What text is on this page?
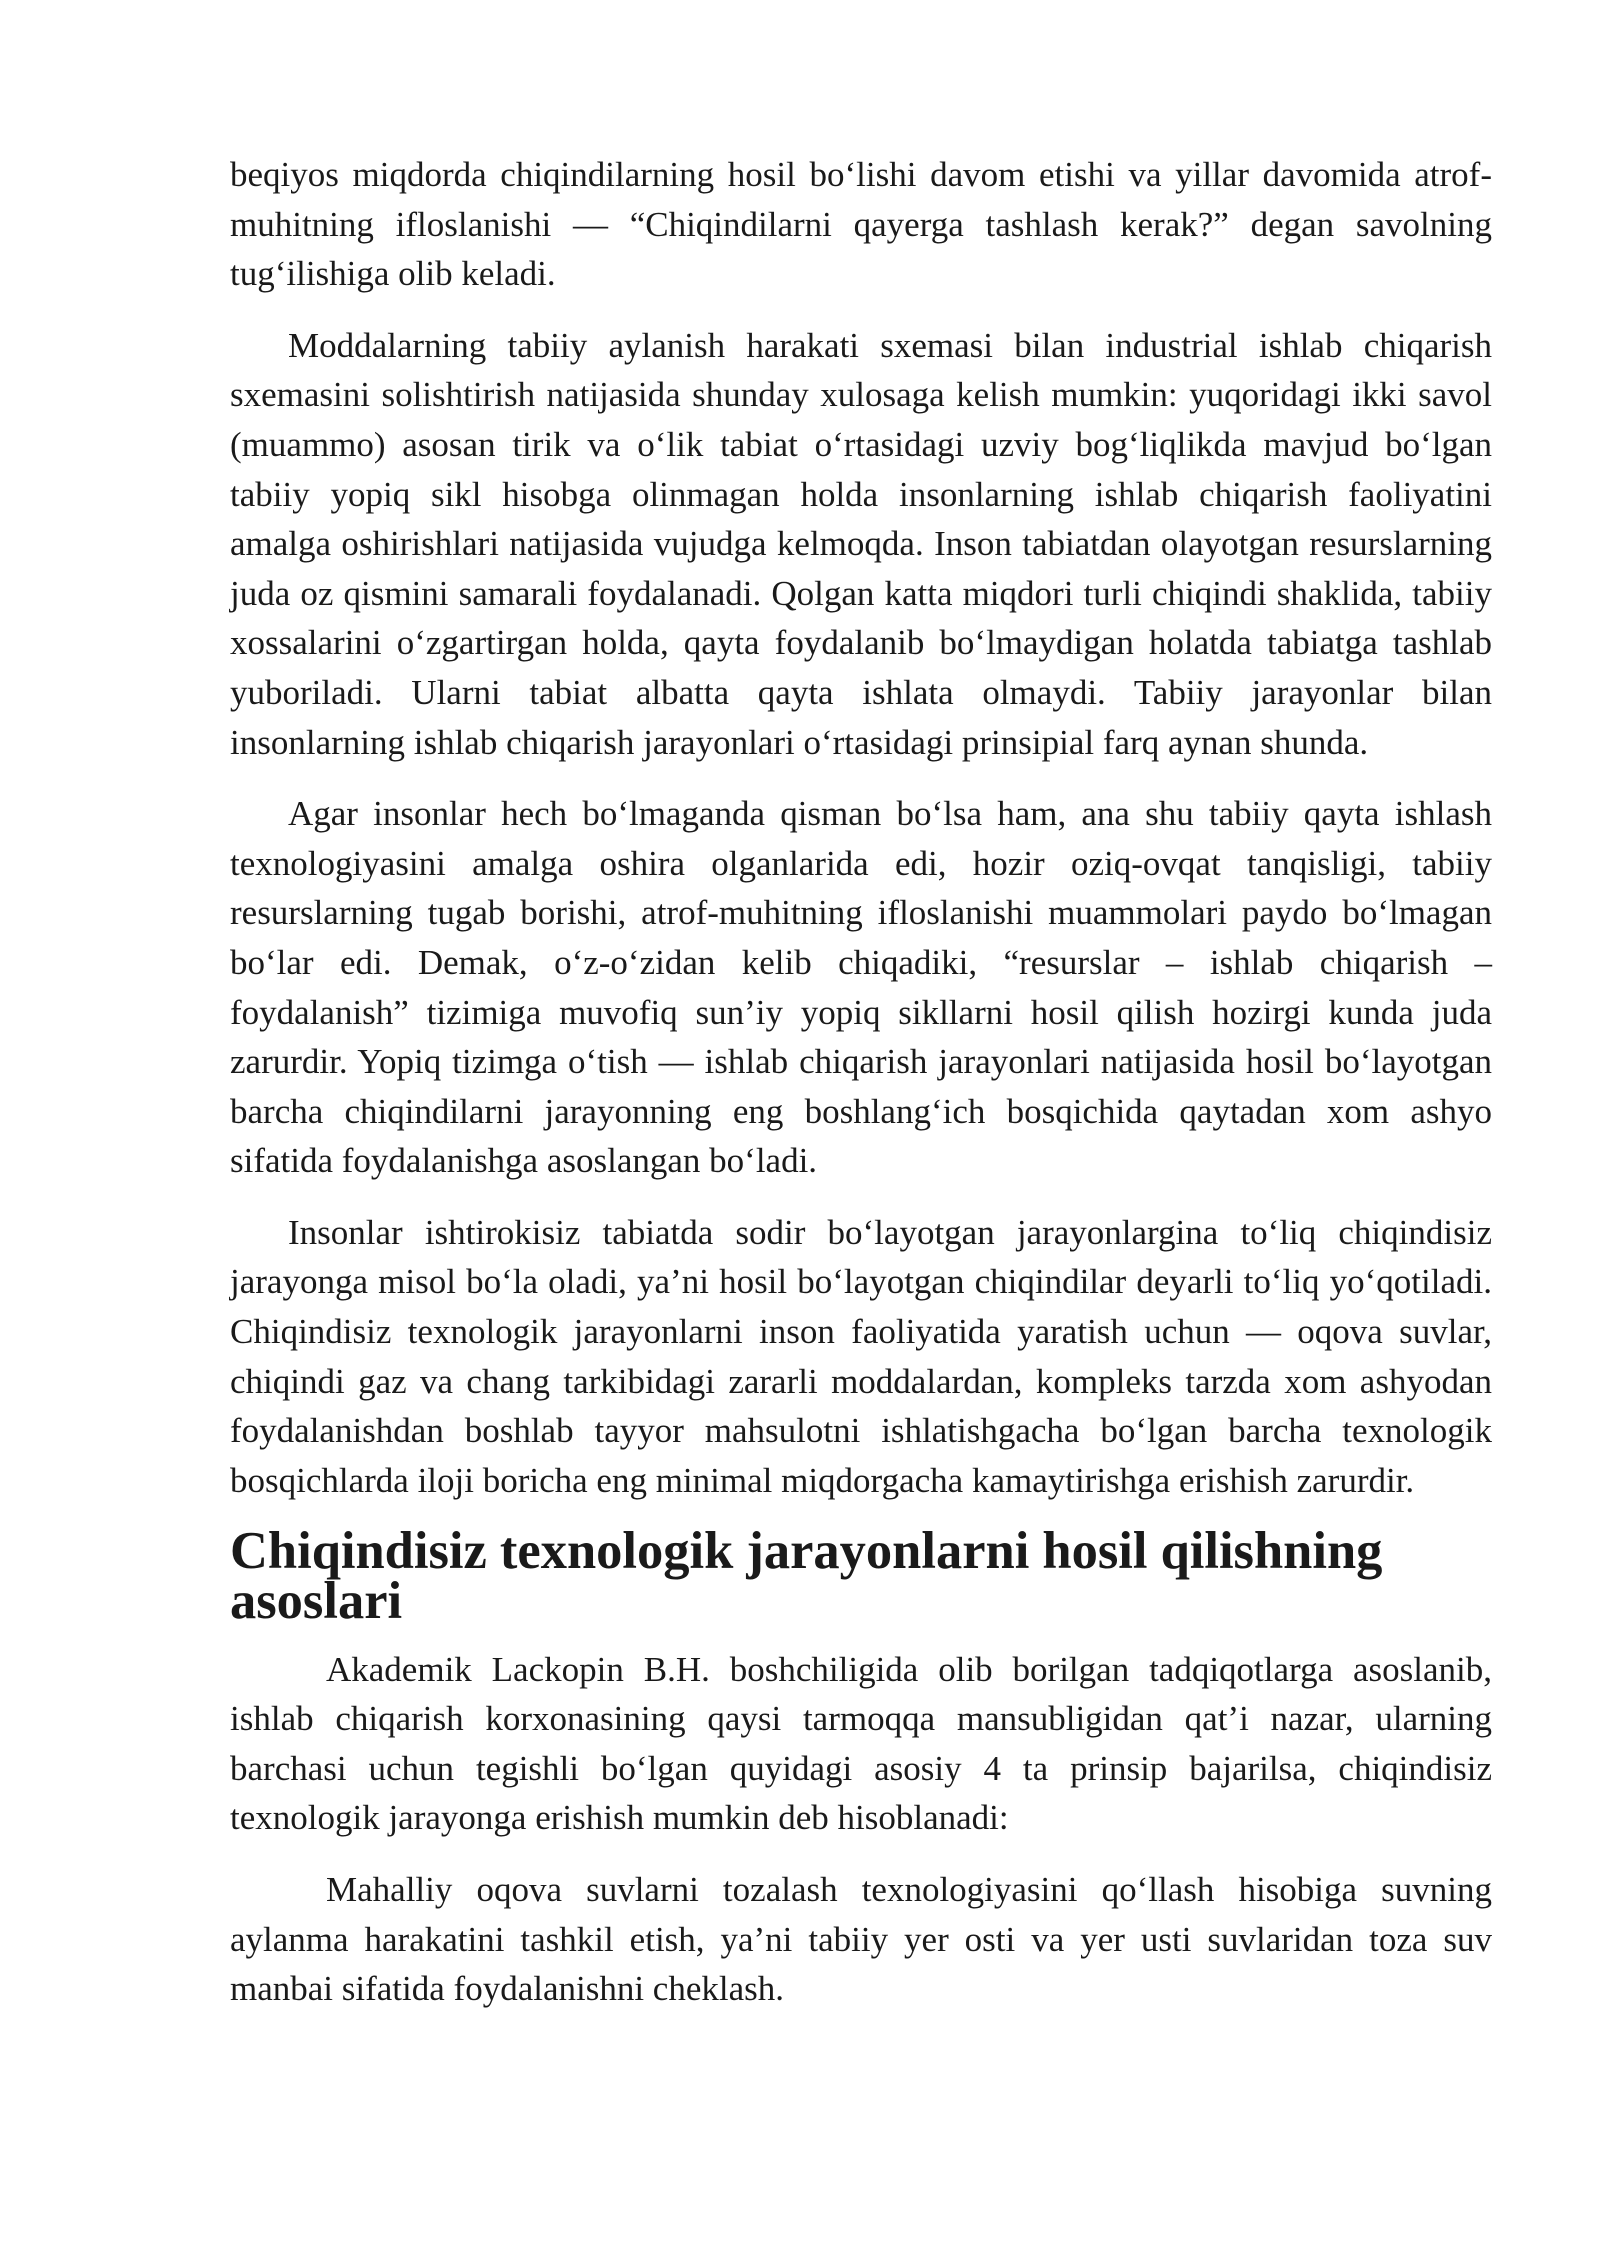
beqiyos miqdorda chiqindilarning hosil bo‘lishi davom etishi va yillar davomida atrof-muhitning ifloslanishi — “Chiqindilarni qayerga tashlash kerak?” degan savolning tug‘ilishiga olib keladi.

Moddalarning tabiiy aylanish harakati sxemasi bilan industrial ishlab chiqarish sxemasini solishtirish natijasida shunday xulosaga kelish mumkin: yuqoridagi ikki savol (muammo) asosan tirik va o‘lik tabiat o‘rtasidagi uzviy bog‘liqlikda mavjud bo‘lgan tabiiy yopiq sikl hisobga olinmagan holda insonlarning ishlab chiqarish faoliyatini amalga oshirishlari natijasida vujudga kelmoqda. Inson tabiatdan olayotgan resurslarning juda oz qismini samarali foydalanadi. Qolgan katta miqdori turli chiqindi shaklida, tabiiy xossalarini o‘zgartirgan holda, qayta foydalanib bo‘lmaydigan holatda tabiatga tashlab yuboriladi. Ularni tabiat albatta qayta ishlata olmaydi. Tabiiy jarayonlar bilan insonlarning ishlab chiqarish jarayonlari o‘rtasidagi prinsipial farq aynan shunda.

Agar insonlar hech bo‘lmaganda qisman bo‘lsa ham, ana shu tabiiy qayta ishlash texnologiyasini amalga oshira olganlarida edi, hozir oziq-ovqat tanqisligi, tabiiy resurslarning tugab borishi, atrof-muhitning ifloslanishi muammolari paydo bo‘lmagan bo‘lar edi. Demak, o‘z-o‘zidan kelib chiqadiki, “resurslar – ishlab chiqarish – foydalanish” tizimiga muvofiq sun’iy yopiq sikllarni hosil qilish hozirgi kunda juda zarurdir. Yopiq tizimga o‘tish — ishlab chiqarish jarayonlari natijasida hosil bo‘layotgan barcha chiqindilarni jarayonning eng boshlang‘ich bosqichida qaytadan xom ashyo sifatida foydalanishga asoslangan bo‘ladi.

Insonlar ishtirokisiz tabiatda sodir bo‘layotgan jarayonlargina to‘liq chiqindisiz jarayonga misol bo‘la oladi, ya’ni hosil bo‘layotgan chiqindilar deyarli to‘liq yo‘qotiladi. Chiqindisiz texnologik jarayonlarni inson faoliyatida yaratish uchun — oqova suvlar, chiqindi gaz va chang tarkibidagi zararli moddalardan, kompleks tarzda xom ashyodan foydalanishdan boshlab tayyor mahsulotni ishlatishgacha bo‘lgan barcha texnologik bosqichlarda iloji boricha eng minimal miqdorgacha kamaytirishga erishish zarurdir.

Chiqindisiz texnologik jarayonlarni hosil qilishning asoslari

Akademik Lackopin B.H. boshchiligida olib borilgan tadqiqotlarga asoslanib, ishlab chiqarish korxonasining qaysi tarmoqqa mansubligidan qat’i nazar, ularning barchasi uchun tegishli bo‘lgan quyidagi asosiy 4 ta prinsip bajarilsa, chiqindisiz texnologik jarayonga erishish mumkin deb hisoblanadi:

Mahalliy oqova suvlarni tozalash texnologiyasini qo‘llash hisobiga suvning aylanma harakatini tashkil etish, ya’ni tabiiy yer osti va yer usti suvlaridan toza suv manbai sifatida foydalanishni cheklash.
